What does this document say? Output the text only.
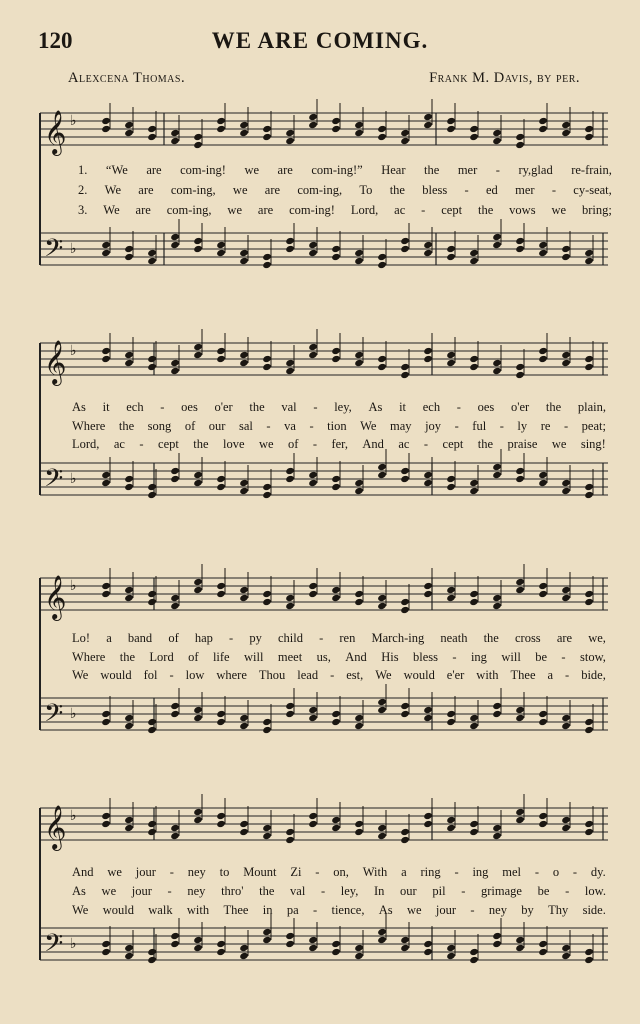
120	WE ARE COMING.
Alexcena Thomas.	Frank M. Davis, by per.
𝄞
𝄢
♭
♭
1. “We are com-ing! we are com-ing!” Hear the mer - ry,glad re-frain,
2. We are com-ing, we are com-ing, To the bless - ed mer - cy-seat,
3. We are com-ing, we are com-ing! Lord, ac - cept the vows we bring;
𝄞
𝄢
♭
♭
As it ech - oes o'er the val - ley, As it ech - oes o'er the plain,
Where the song of our sal - va - tion We may joy - ful - ly re - peat;
Lord, ac - cept the love we of - fer, And ac - cept the praise we sing!
𝄞
𝄢
♭
♭
Lo! a band of hap - py child - ren March-ing neath the cross are we,
Where the Lord of life will meet us, And His bless - ing will be - stow,
We would fol - low where Thou lead - est, We would e'er with Thee a - bide,
𝄞
𝄢
♭
♭
And we jour - ney to Mount Zi - on, With a ring - ing mel - o - dy.
As we jour - ney thro' the val - ley, In our pil - grimage be - low.
We would walk with Thee in pa - tience, As we jour - ney by Thy side.
